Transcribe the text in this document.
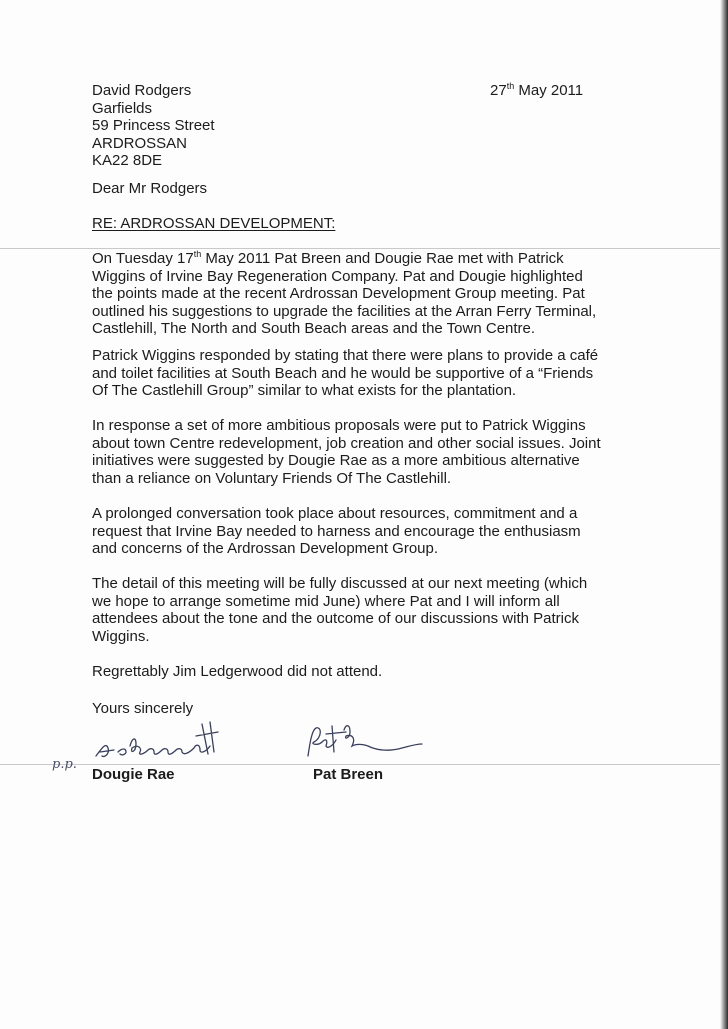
27th May 2011

David Rodgers

Garfields

59 Princess Street

ARDROSSAN

KA22 8DE

Dear Mr Rodgers

RE: ARDROSSAN DEVELOPMENT:

On Tuesday 17th May 2011 Pat Breen and Dougie Rae met with Patrick

Wiggins of Irvine Bay Regeneration Company. Pat and Dougie highlighted

the points made at the recent Ardrossan Development Group meeting. Pat

outlined his suggestions to upgrade the facilities at the Arran Ferry Terminal,

Castlehill, The North and South Beach areas and the Town Centre.

Patrick Wiggins responded by stating that there were plans to provide a café

and toilet facilities at South Beach and he would be supportive of a “Friends

Of The Castlehill Group” similar to what exists for the plantation.

In response a set of more ambitious proposals were put to Patrick Wiggins

about town Centre redevelopment, job creation and other social issues. Joint

initiatives were suggested by Dougie Rae as a more ambitious alternative

than a reliance on Voluntary Friends Of The Castlehill.

A prolonged conversation took place about resources, commitment and a

request that Irvine Bay needed to harness and encourage the enthusiasm

and concerns of the Ardrossan Development Group.

The detail of this meeting will be fully discussed at our next meeting (which

we hope to arrange sometime mid June) where Pat and I will inform all

attendees about the tone and the outcome of our discussions with Patrick

Wiggins.

Regrettably Jim Ledgerwood did not attend.

Yours sincerely

p.p.
Dougie Rae	Pat Breen
